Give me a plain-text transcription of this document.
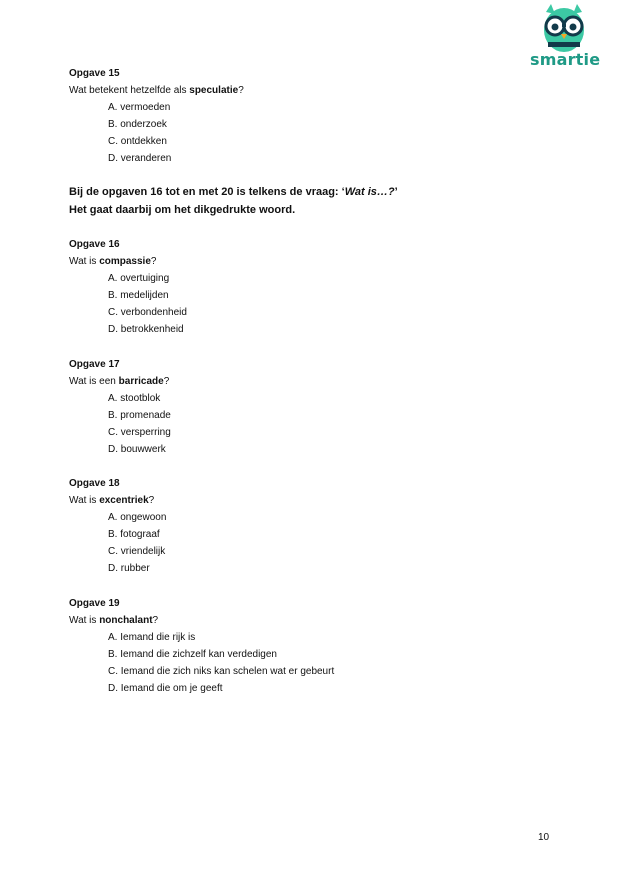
smartie
Opgave 15
Wat betekent hetzelfde als speculatie?
A. vermoeden
B. onderzoek
C. ontdekken
D. veranderen
Bij de opgaven 16 tot en met 20 is telkens de vraag: ‘Wat is…?’
Het gaat daarbij om het dikgedrukte woord.
Opgave 16
Wat is compassie?
A. overtuiging
B. medelijden
C. verbondenheid
D. betrokkenheid
Opgave 17
Wat is een barricade?
A. stootblok
B. promenade
C. versperring
D. bouwwerk
Opgave 18
Wat is excentriek?
A. ongewoon
B. fotograaf
C. vriendelijk
D. rubber
Opgave 19
Wat is nonchalant?
A. Iemand die rijk is
B. Iemand die zichzelf kan verdedigen
C. Iemand die zich niks kan schelen wat er gebeurt
D. Iemand die om je geeft
10
